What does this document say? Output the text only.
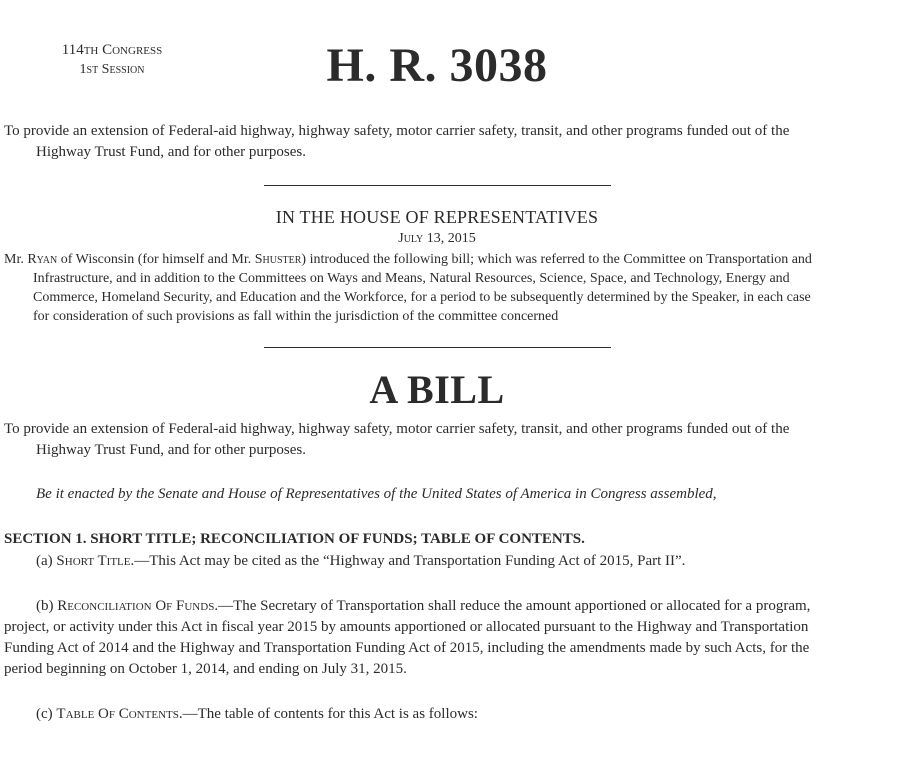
114th Congress
1st Session	H. R. 3038
To provide an extension of Federal-aid highway, highway safety, motor carrier safety, transit, and other programs funded out of the
Highway Trust Fund, and for other purposes.
IN THE HOUSE OF REPRESENTATIVES
July 13, 2015
Mr. Ryan of Wisconsin (for himself and Mr. Shuster) introduced the following bill; which was referred to the Committee on Transportation and
Infrastructure, and in addition to the Committees on Ways and Means, Natural Resources, Science, Space, and Technology, Energy and
Commerce, Homeland Security, and Education and the Workforce, for a period to be subsequently determined by the Speaker, in each case
for consideration of such provisions as fall within the jurisdiction of the committee concerned
A BILL
To provide an extension of Federal-aid highway, highway safety, motor carrier safety, transit, and other programs funded out of the
Highway Trust Fund, and for other purposes.
Be it enacted by the Senate and House of Representatives of the United States of America in Congress assembled,
SECTION 1. SHORT TITLE; RECONCILIATION OF FUNDS; TABLE OF CONTENTS.
(a) Short Title.—This Act may be cited as the “Highway and Transportation Funding Act of 2015, Part II”.
(b) Reconciliation Of Funds.—The Secretary of Transportation shall reduce the amount apportioned or allocated for a program,
project, or activity under this Act in fiscal year 2015 by amounts apportioned or allocated pursuant to the Highway and Transportation
Funding Act of 2014 and the Highway and Transportation Funding Act of 2015, including the amendments made by such Acts, for the
period beginning on October 1, 2014, and ending on July 31, 2015.
(c) Table Of Contents.—The table of contents for this Act is as follows:
